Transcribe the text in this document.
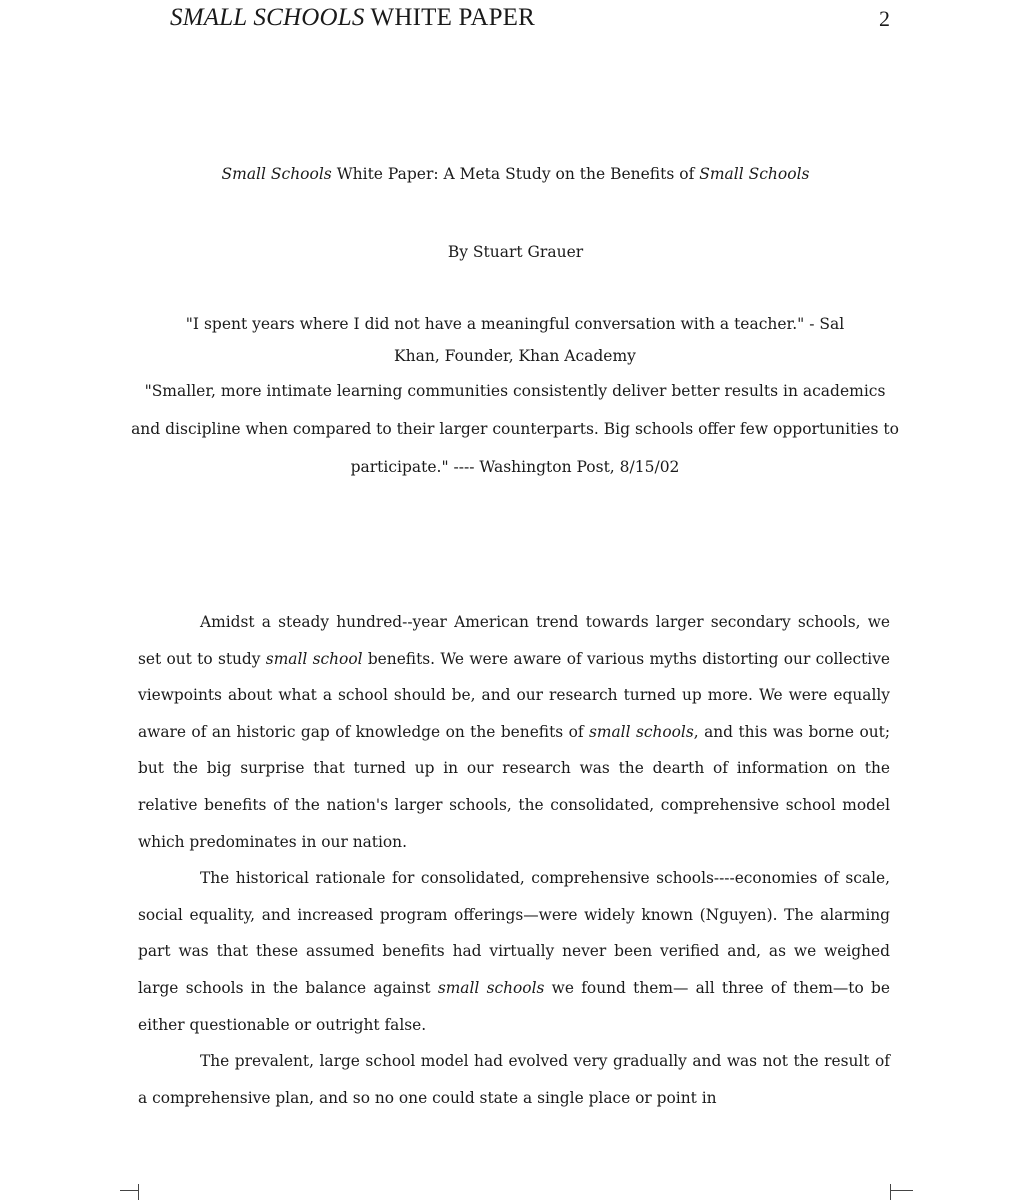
SMALL SCHOOLS WHITE PAPER	2
Small Schools White Paper: A Meta Study on the Benefits of Small Schools
By Stuart Grauer

"I spent years where I did not have a meaningful conversation with a teacher." - Sal
Khan, Founder, Khan Academy

"Smaller, more intimate learning communities consistently deliver better results in academics and discipline when compared to their larger counterparts. Big schools offer few opportunities to participate." ---- Washington Post, 8/15/02

Amidst a steady hundred--year American trend towards larger secondary schools, we set out to study small school benefits. We were aware of various myths distorting our collective viewpoints about what a school should be, and our research turned up more. We were equally aware of an historic gap of knowledge on the benefits of small schools, and this was borne out; but the big surprise that turned up in our research was the dearth of information on the relative benefits of the nation's larger schools, the consolidated, comprehensive school model which predominates in our nation.

The historical rationale for consolidated, comprehensive schools----economies of scale, social equality, and increased program offerings—were widely known (Nguyen). The alarming part was that these assumed benefits had virtually never been verified and, as we weighed large schools in the balance against small schools we found them— all three of them—to be either questionable or outright false.

The prevalent, large school model had evolved very gradually and was not the result of a comprehensive plan, and so no one could state a single place or point in
